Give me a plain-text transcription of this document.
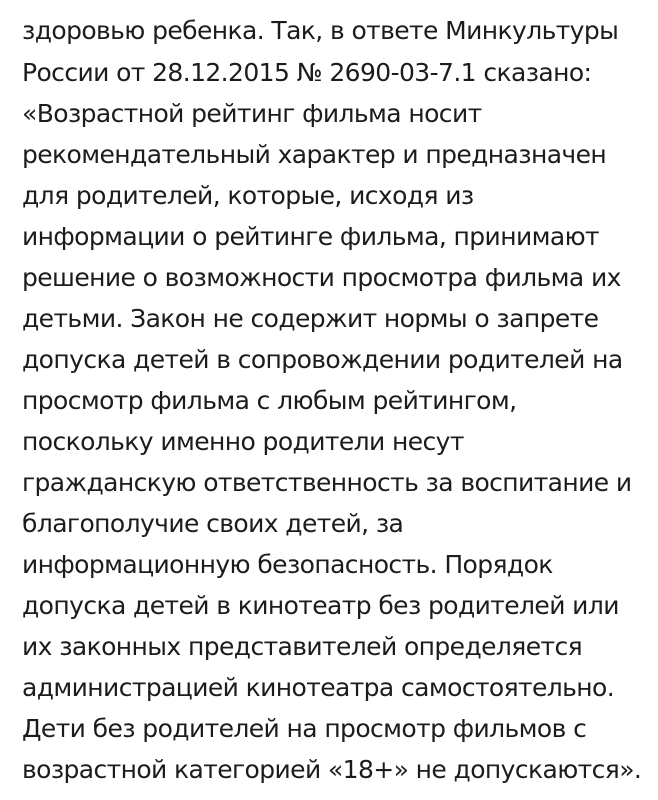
здоровью ребенка. Так, в ответе Минкультуры
России от 28.12.2015 № 2690-03-7.1 сказано:
«Возрастной рейтинг фильма носит
рекомендательный характер и предназначен
для родителей, которые, исходя из
информации о рейтинге фильма, принимают
решение о возможности просмотра фильма их
детьми. Закон не содержит нормы о запрете
допуска детей в сопровождении родителей на
просмотр фильма с любым рейтингом,
поскольку именно родители несут
гражданскую ответственность за воспитание и
благополучие своих детей, за
информационную безопасность. Порядок
допуска детей в кинотеатр без родителей или
их законных представителей определяется
администрацией кинотеатра самостоятельно.
Дети без родителей на просмотр фильмов с
возрастной категорией «18+» не допускаются».
